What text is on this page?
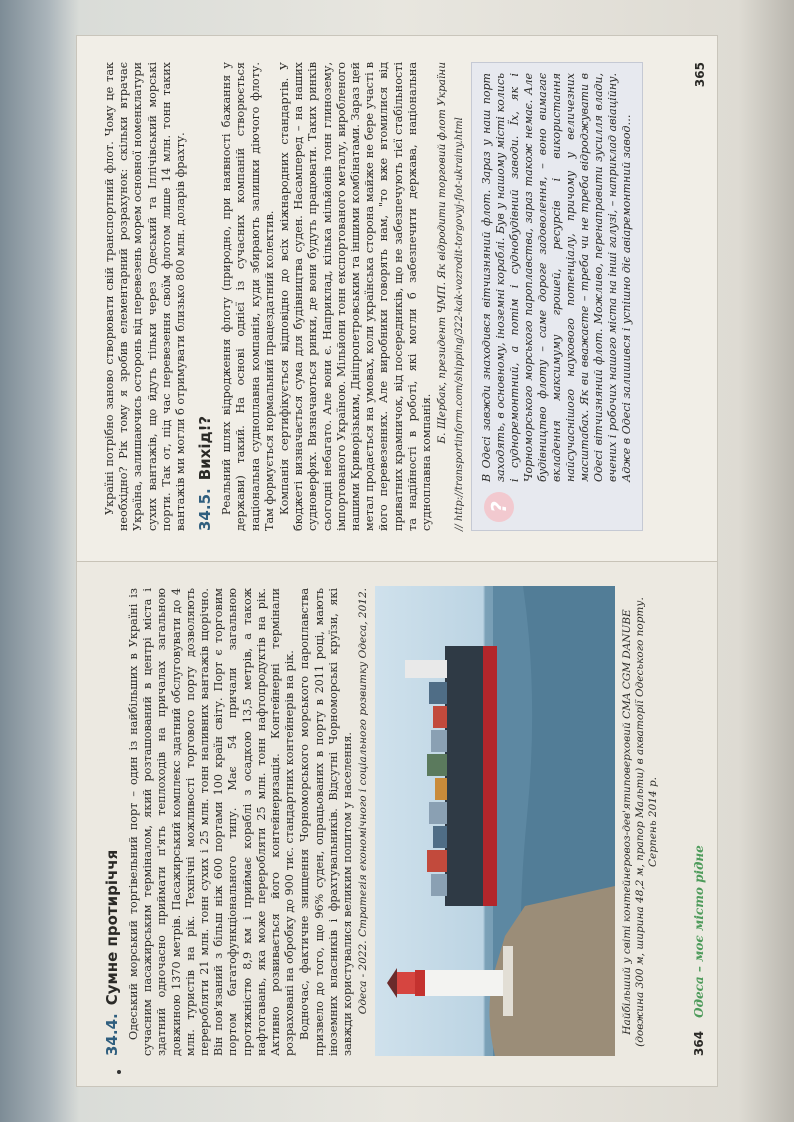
34.4.
Сумне протиріччя Одеський морський торгівельний порт – один із найбільших в Україні із сучасним пасажирським терміналом, який розташований в центрі міста і здатний одночасно приймати п'ять теплоходів на причалах загальною довжиною 1370 метрів. Пасажирський комплекс здатний обслуговувати до 4 млн. туристів на рік. Технічні можливості торгового порту дозволяють переробляти 21 млн. тонн сухих і 25 млн. тонн наливних вантажів щорічно. Він пов'язаний з більш ніж 600 портами 100 країн світу. Порт є торговим портом багатофункціонального типу. Має 54 причали загальною протяжністю 8,9 км і приймає кораблі з осадкою 13,5 метрів, а також нафтогавань, яка може переробляти 25 млн. тонн нафтопродуктів на рік. Активно розвивається його контейнеризація. Контейнерні термінали розраховані на обробку до 900 тис. стандартних контейнерів на рік. Водночас, фактичне знищення Чорноморського морського пароплавства призвело до того, що 96% суден, опрацьованих в порту в 2011 році, мають іноземних власників і фрахтувальників. Відсутні Чорноморські круїзи, які завжди користувалися великим попитом у населення. Одеса - 2022. Стратегія економічного і соціального розвитку Одеса, 2012.	Найбільший у світі контейнеровоз-дев'ятиповерховий CMA CGM DANUBE (довжина 300 м, ширина 48,2 м, прапор Мальти) в акваторії Одеського порту. Серпень 2014 р.
364 Одеса – моє місто рідне

Україні потрібно заново створювати свій транспортний флот. Чому це так необхідно? Рік тому я зробив елементарний розрахунок: скільки втрачає Україна, залишаючись осторонь від перевезень морем основної номенклатури сухих вантажів, що йдуть тільки через Одеський та Іллічівський морські порти. Так от, під час перевезення своїм флотом лише 14 млн. тонн таких вантажів ми могли б отримувати близько 800 млн. доларів фрахту. 34.5.
Вихід!? Реальний шлях відродження флоту (природно, при наявності бажання у держави) такий. На основі однієї із сучасних компаній створюється національна судноплавна компанія, куди збирають залишки діючого флоту. Там формується нормальний працездатний колектив. Компанія сертифікується відповідно до всіх міжнародних стандартів. У бюджеті визначається сума для будівництва суден. Насамперед – на наших суднoверфях. Визначаються ринки, де вони будуть працювати. Таких ринків сьогодні небагато. Але вони є. Наприклад, кілька мільйонів тонн глинозему, імпортованого Україною. Мільйони тонн експортованого металу, виробленого нашими Криворізьким, Дніпропетровським та іншими комбінатами. Зараз цей метал продається на умовах, коли українська сторона майже не бере участі в його перевезеннях. Але виробники говорять нам, "то вже втомилися від приватних крамничок, від посередників, що не забезпечують тієї стабільності та надійності в роботі, які могли б забезпечити держава, національна судноплавна компанія.

Б. Щербак, президент ЧМП. Як відродити торговий флот України // http://transportinform.com/shipping/322-kak-vozrodit-torgovyj-flot-ukrainy.html ?
В Одесі завжди знаходився вітчизняний флот. Зараз у наш порт заходять, в основному, іноземні кораблі. Був у нашому місті колись і судноремонтний, а потім і суднобудівний заводи. Їх, як і Чорноморського морського пароплавства, зараз також немає. Але будівництво флоту – саме дороге задоволення, – воно вимагає вкладення максимуму грошей, ресурсів і використання найсучаснішого наукового потенціалу, причому у величезних масштабах. Як ви вважаєте – треба чи не треба відроджувати в Одесі вітчизняний флот. Можливо, перенаправити зусилля влади, вчених і робочих нашого міста на інші галузі, – наприклад авіаційну. Адже в Одесі залишився і успішно діє авіаремонтний завод…
365
